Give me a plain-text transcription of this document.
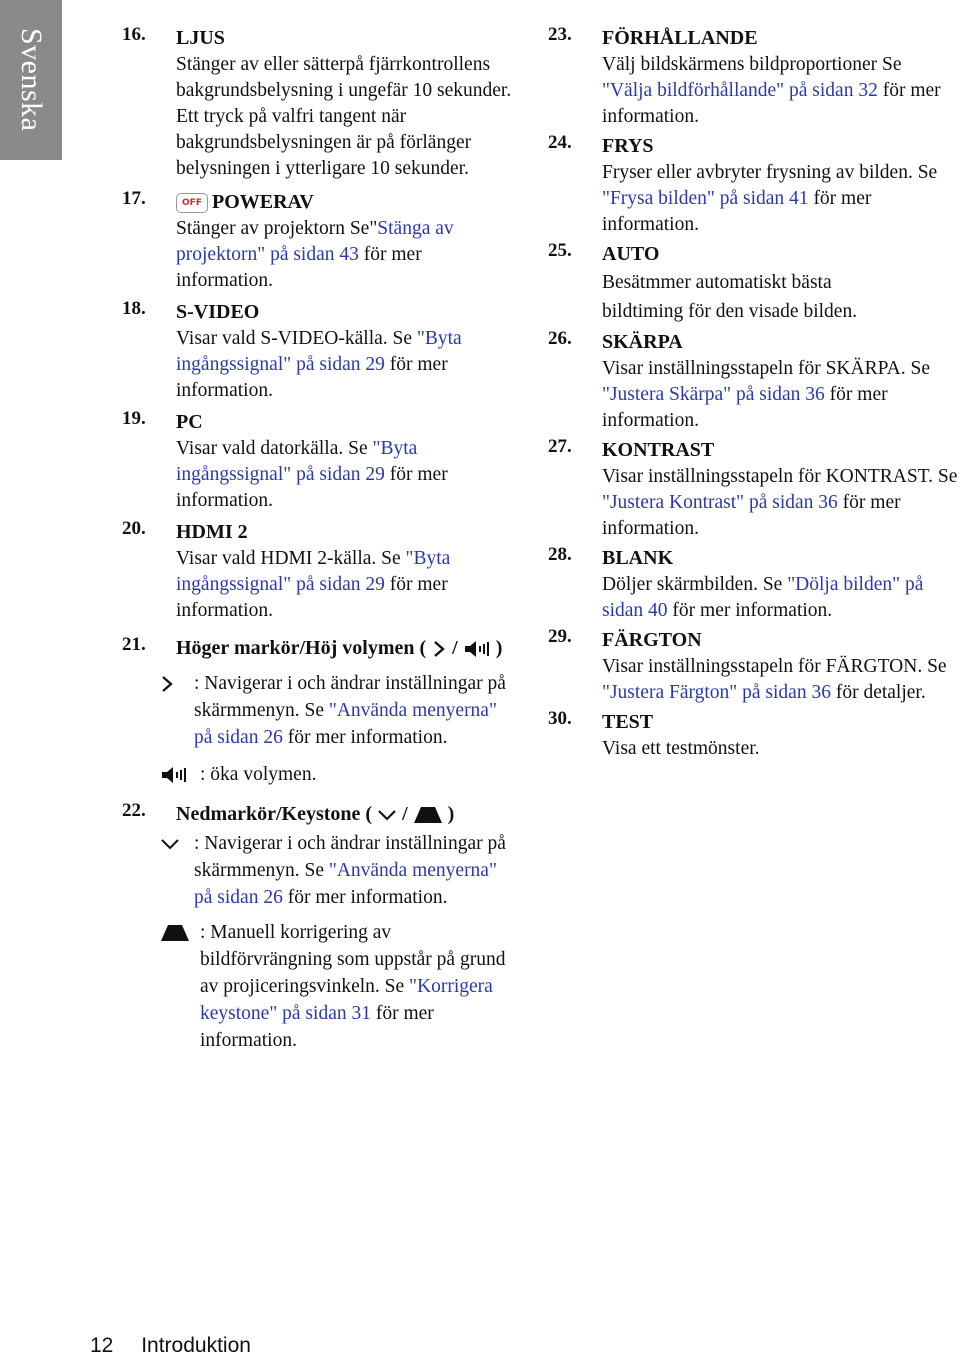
Svenska	16. LJUS

Stänger av eller sätterpå fjärrkontrollens bakgrundsbelysning i ungefär 10 sekunder. Ett tryck på valfri tangent när bakgrundsbelysningen är på förlänger belysningen i ytterligare 10 sekunder.

17.	OFF POWERAV

Stänger av projektorn Se"Stänga av projektorn" på sidan 43 för mer information.

18. S-VIDEO

Visar vald S-VIDEO-källa. Se "Byta ingångssignal" på sidan 29 för mer information.

19. PC

Visar vald datorkälla. Se "Byta ingångssignal" på sidan 29 för mer information.

20. HDMI 2

Visar vald HDMI 2-källa. Se "Byta ingångssignal" på sidan 29 för mer information.

21. Höger markör/Höj volymen ( / )

: Navigerar i och ändrar inställningar på skärmmenyn. Se "Använda menyerna" på sidan 26 för mer information.
: öka volymen.
22. Nedmarkör/Keystone ( / )

: Navigerar i och ändrar inställningar på skärmmenyn. Se "Använda menyerna" på sidan 26 för mer information.
: Manuell korrigering av bildförvrängning som uppstår på grund av projiceringsvinkeln. Se "Korrigera keystone" på sidan 31 för mer information.
23. FÖRHÅLLANDE

Välj bildskärmens bildproportioner Se "Välja bildförhållande" på sidan 32 för mer information.

24. FRYS

Fryser eller avbryter frysning av bilden. Se "Frysa bilden" på sidan 41 för mer information.

25. AUTO

Besätmmer automatiskt bästa bildtiming för den visade bilden.

26. SKÄRPA

Visar inställningsstapeln för SKÄRPA. Se "Justera Skärpa" på sidan 36 för mer information.

27. KONTRAST

Visar inställningsstapeln för KONTRAST. Se "Justera Kontrast" på sidan 36 för mer information.

28. BLANK

Döljer skärmbilden. Se "Dölja bilden" på sidan 40 för mer information.

29. FÄRGTON

Visar inställningsstapeln för FÄRGTON. Se "Justera Färgton" på sidan 36 för detaljer.

30. TEST

Visa ett testmönster.

12 Introduktion
